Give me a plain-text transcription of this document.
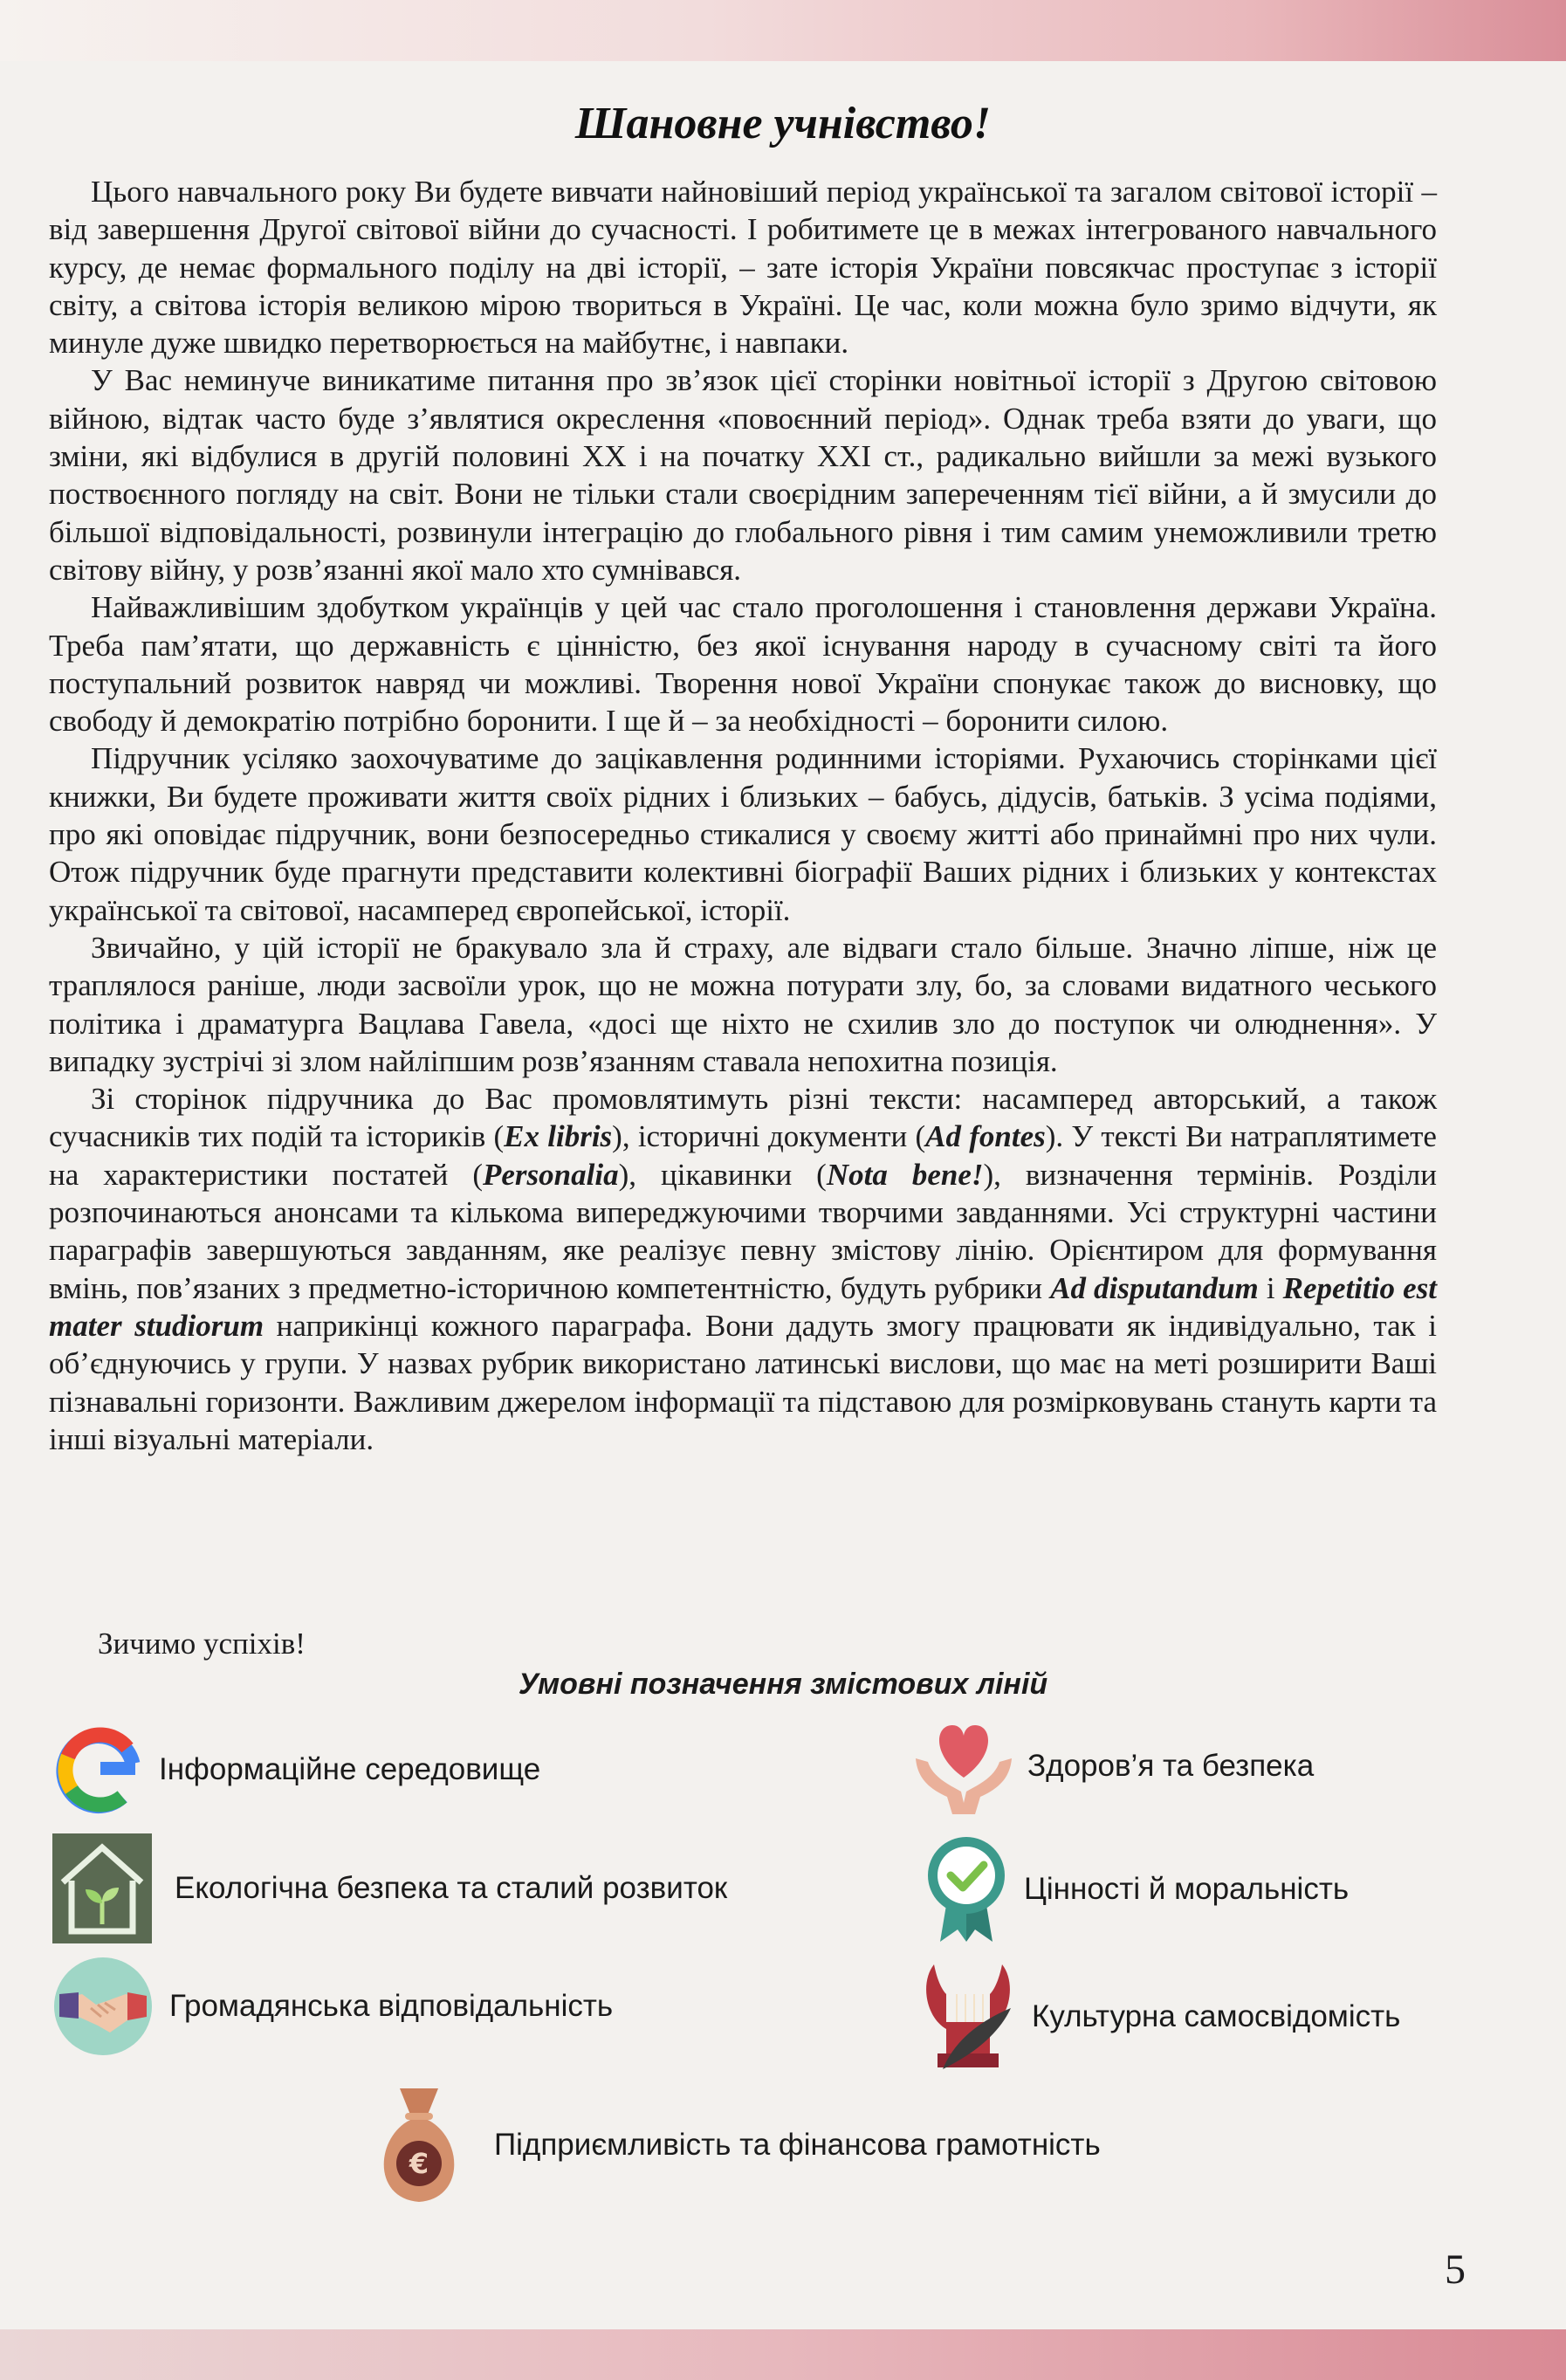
Шановне учнівство!

Цього навчального року Ви будете вивчати найновіший період української та загалом світової історії – від завершення Другої світової війни до сучасності. І робитимете це в межах інтегрованого навчального курсу, де немає формального поділу на дві історії, – зате історія України повсякчас проступає з історії світу, а світова історія великою мірою твориться в Україні. Це час, коли можна було зримо відчути, як минуле дуже швидко перетворюється на майбутнє, і навпаки.

У Вас неминуче виникатиме питання про зв’язок цієї сторінки новітньої історії з Другою світовою війною, відтак часто буде з’являтися окреслення «повоєнний період». Однак треба взяти до уваги, що зміни, які відбулися в другій половині XX і на початку XXI ст., радикально вийшли за межі вузького поствоєнного погляду на світ. Вони не тільки стали своєрідним запереченням тієї війни, а й змусили до більшої відповідальності, розвинули інтеграцію до глобального рівня і тим самим унеможливили третю світову війну, у розв’язанні якої мало хто сумнівався.

Найважливішим здобутком українців у цей час стало проголошення і становлення держави Україна. Треба пам’ятати, що державність є цінністю, без якої існування народу в сучасному світі та його поступальний розвиток навряд чи можливі. Творення нової України спонукає також до висновку, що свободу й демократію потрібно боронити. І ще й – за необхідності – боронити силою.

Підручник усіляко заохочуватиме до зацікавлення родинними історіями. Рухаючись сторінками цієї книжки, Ви будете проживати життя своїх рідних і близьких – бабусь, дідусів, батьків. З усіма подіями, про які оповідає підручник, вони безпосередньо стикалися у своєму житті або принаймні про них чули. Отож підручник буде прагнути представити колективні біографії Ваших рідних і близьких у контекстах української та світової, насамперед європейської, історії.

Звичайно, у цій історії не бракувало зла й страху, але відваги стало більше. Значно ліпше, ніж це траплялося раніше, люди засвоїли урок, що не можна потурати злу, бо, за словами видатного чеського політика і драматурга Вацлава Гавела, «досі ще ніхто не схилив зло до поступок чи олюднення». У випадку зустрічі зі злом найліпшим розв’язанням ставала непохитна позиція.

Зі сторінок підручника до Вас промовлятимуть різні тексти: насамперед авторський, а також сучасників тих подій та істориків (Ex libris), історичні документи (Ad fontes). У тексті Ви натраплятимете на характеристики постатей (Personalia), цікавинки (Nota bene!), визначення термінів. Розділи розпочинаються анонсами та кількома випереджуючими творчими завданнями. Усі структурні частини параграфів завершуються завданням, яке реалізує певну змістову лінію. Орієнтиром для формування вмінь, пов’язаних з предметно-історичною компетентністю, будуть рубрики Ad disputandum і Repetitio est mater studiorum наприкінці кожного параграфа. Вони дадуть змогу працювати як індивідуально, так і об’єднуючись у групи. У назвах рубрик використано латинські вислови, що має на меті розширити Ваші пізнавальні горизонти. Важливим джерелом інформації та підставою для розмірковувань стануть карти та інші візуальні матеріали.

Зичимо успіхів!
Умовні позначення змістових ліній
Інформаційне середовище
Екологічна безпека та сталий розвиток
Громадянська відповідальність
Здоров’я та безпека
Цінності й моральність
Культурна самосвідомість
€
Підприємливість та фінансова грамотність
5
